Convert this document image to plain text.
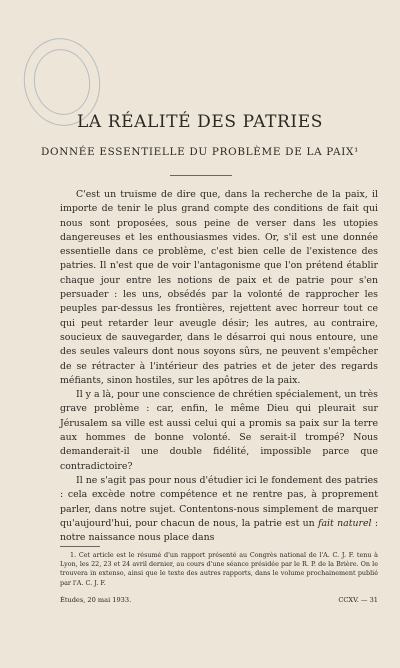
LA RÉALITÉ DES PATRIES
DONNÉE ESSENTIELLE DU PROBLÈME DE LA PAIX¹

C'est un truisme de dire que, dans la recherche de la paix, il importe de tenir le plus grand compte des conditions de fait qui nous sont proposées, sous peine de verser dans les utopies dangereuses et les enthousiasmes vides. Or, s'il est une donnée essentielle dans ce problème, c'est bien celle de l'existence des patries. Il n'est que de voir l'antagonisme que l'on prétend établir chaque jour entre les notions de paix et de patrie pour s'en persuader : les uns, obsédés par la volonté de rapprocher les peuples par-dessus les frontières, rejettent avec horreur tout ce qui peut retarder leur aveugle désir; les autres, au contraire, soucieux de sauvegarder, dans le désarroi qui nous entoure, une des seules valeurs dont nous soyons sûrs, ne peuvent s'empêcher de se rétracter à l'intérieur des patries et de jeter des regards méfiants, sinon hostiles, sur les apôtres de la paix.

Il y a là, pour une conscience de chrétien spécialement, un très grave problème : car, enfin, le même Dieu qui pleurait sur Jérusalem sa ville est aussi celui qui a promis sa paix sur la terre aux hommes de bonne volonté. Se serait-il trompé? Nous demanderait-il une double fidélité, impossible parce que contradictoire?

Il ne s'agit pas pour nous d'étudier ici le fondement des patries : cela excède notre compétence et ne rentre pas, à proprement parler, dans notre sujet. Contentons-nous simplement de marquer qu'aujourd'hui, pour chacun de nous, la patrie est un fait naturel : notre naissance nous place dans

1. Cet article est le résumé d'un rapport présenté au Congrès national de l'A. C. J. F. tenu à Lyon, les 22, 23 et 24 avril dernier, au cours d'une séance présidée par le R. P. de la Brière. On le trouvera in extenso, ainsi que le texte des autres rapports, dans le volume prochainement publié par l'A. C. J. F.

Études, 20 mai 1933.	CCXV. — 31
